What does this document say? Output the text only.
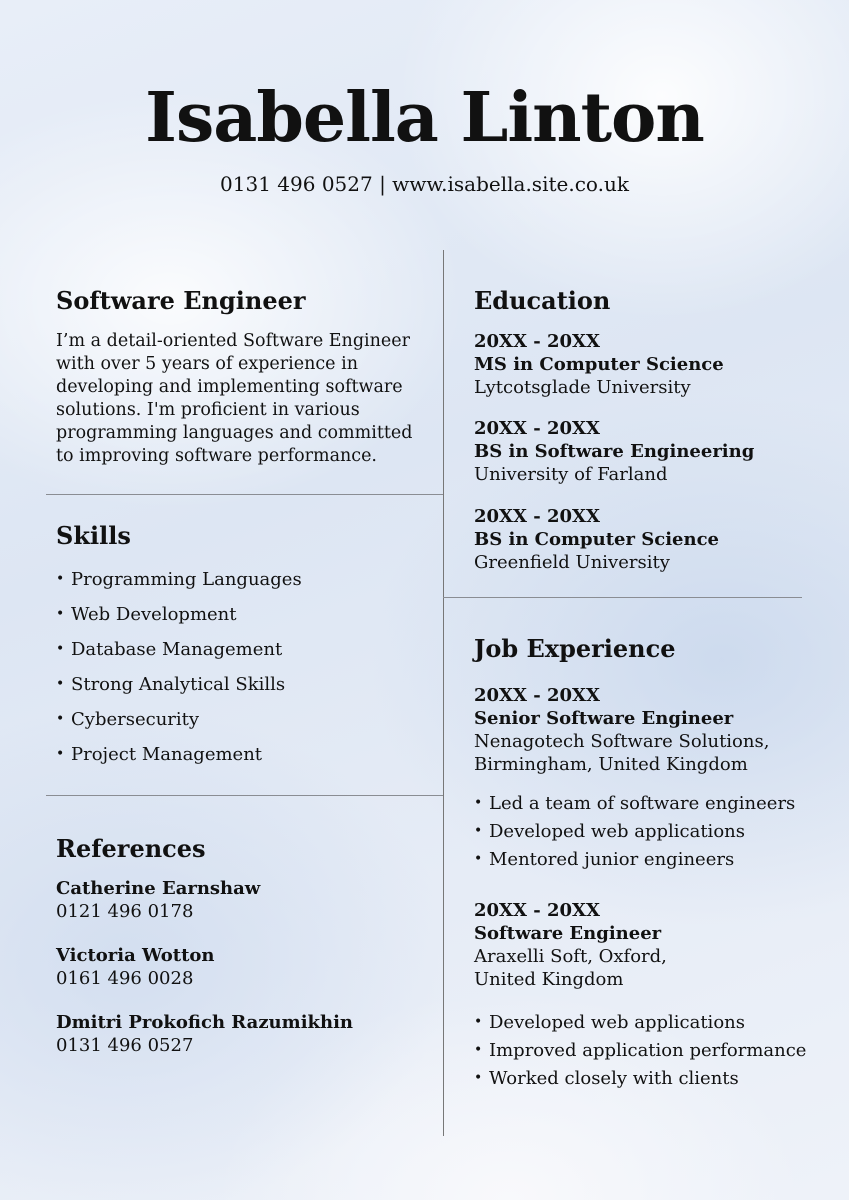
Isabella Linton
0131 496 0527 | www.isabella.site.co.uk
Software Engineer
I’m a detail-oriented Software Engineer with over 5 years of experience in developing and implementing software solutions. I'm proficient in various programming languages and committed to improving software performance.
Skills
• Programming Languages
• Web Development
• Database Management
• Strong Analytical Skills
• Cybersecurity
• Project Management
References
Catherine Earnshaw
0121 496 0178
Victoria Wotton
0161 496 0028
Dmitri Prokofich Razumikhin
0131 496 0527
Education
20XX - 20XX
MS in Computer Science
Lytcotsglade University
20XX - 20XX
BS in Software Engineering
University of Farland
20XX - 20XX
BS in Computer Science
Greenfield University
Job Experience
20XX - 20XX
Senior Software Engineer
Nenagotech Software Solutions,
Birmingham, United Kingdom
• Led a team of software engineers
• Developed web applications
• Mentored junior engineers
20XX - 20XX
Software Engineer
Araxelli Soft, Oxford,
United Kingdom
• Developed web applications
• Improved application performance
• Worked closely with clients
